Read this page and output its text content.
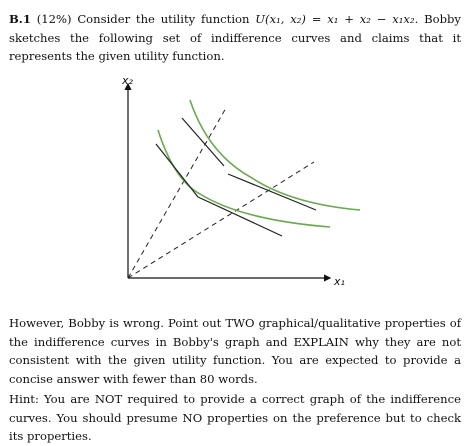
B.1 (12%) Consider the utility function U(x₁, x₂) = x₁ + x₂ − x₁x₂. Bobby sketches the following set of indifference curves and claims that it represents the given utility function.

x₂
x₁

However, Bobby is wrong. Point out TWO graphical/qualitative properties of the indifference curves in Bobby's graph and EXPLAIN why they are not consistent with the given utility function. You are expected to provide a concise answer with fewer than 80 words.

Hint: You are NOT required to provide a correct graph of the indifference curves. You should presume NO properties on the preference but to check its properties.
